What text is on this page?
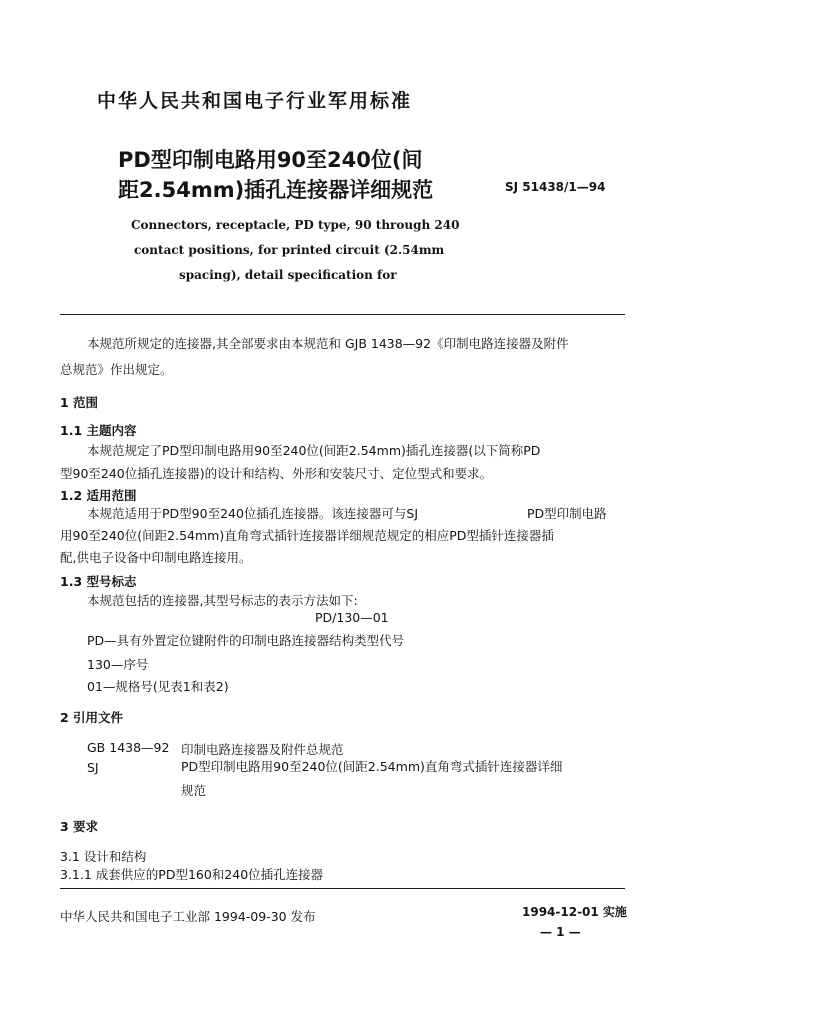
中华人民共和国电子行业军用标准
PD型印制电路用90至240位(间
距2.54mm)插孔连接器详细规范	SJ 51438/1—94
Connectors, receptacle, PD type, 90 through 240
contact positions, for printed circuit (2.54mm
spacing), detail specification for
本规范所规定的连接器,其全部要求由本规范和 GJB 1438—92《印制电路连接器及附件
总规范》作出规定。
1 范围
1.1 主题内容
本规范规定了PD型印制电路用90至240位(间距2.54mm)插孔连接器(以下简称PD
型90至240位插孔连接器)的设计和结构、外形和安装尺寸、定位型式和要求。
1.2 适用范围
本规范适用于PD型90至240位插孔连接器。该连接器可与SJ	PD型印制电路
用90至240位(间距2.54mm)直角弯式插针连接器详细规范规定的相应PD型插针连接器插
配,供电子设备中印制电路连接用。
1.3 型号标志
本规范包括的连接器,其型号标志的表示方法如下:
PD/130—01
PD—具有外置定位键附件的印制电路连接器结构类型代号
130—序号
01—规格号(见表1和表2)
2 引用文件
GB 1438—92 印制电路连接器及附件总规范
SJ	PD型印制电路用90至240位(间距2.54mm)直角弯式插针连接器详细
规范
3 要求
3.1 设计和结构
3.1.1 成套供应的PD型160和240位插孔连接器
中华人民共和国电子工业部 1994-09-30 发布	1994-12-01 实施
— 1 —
